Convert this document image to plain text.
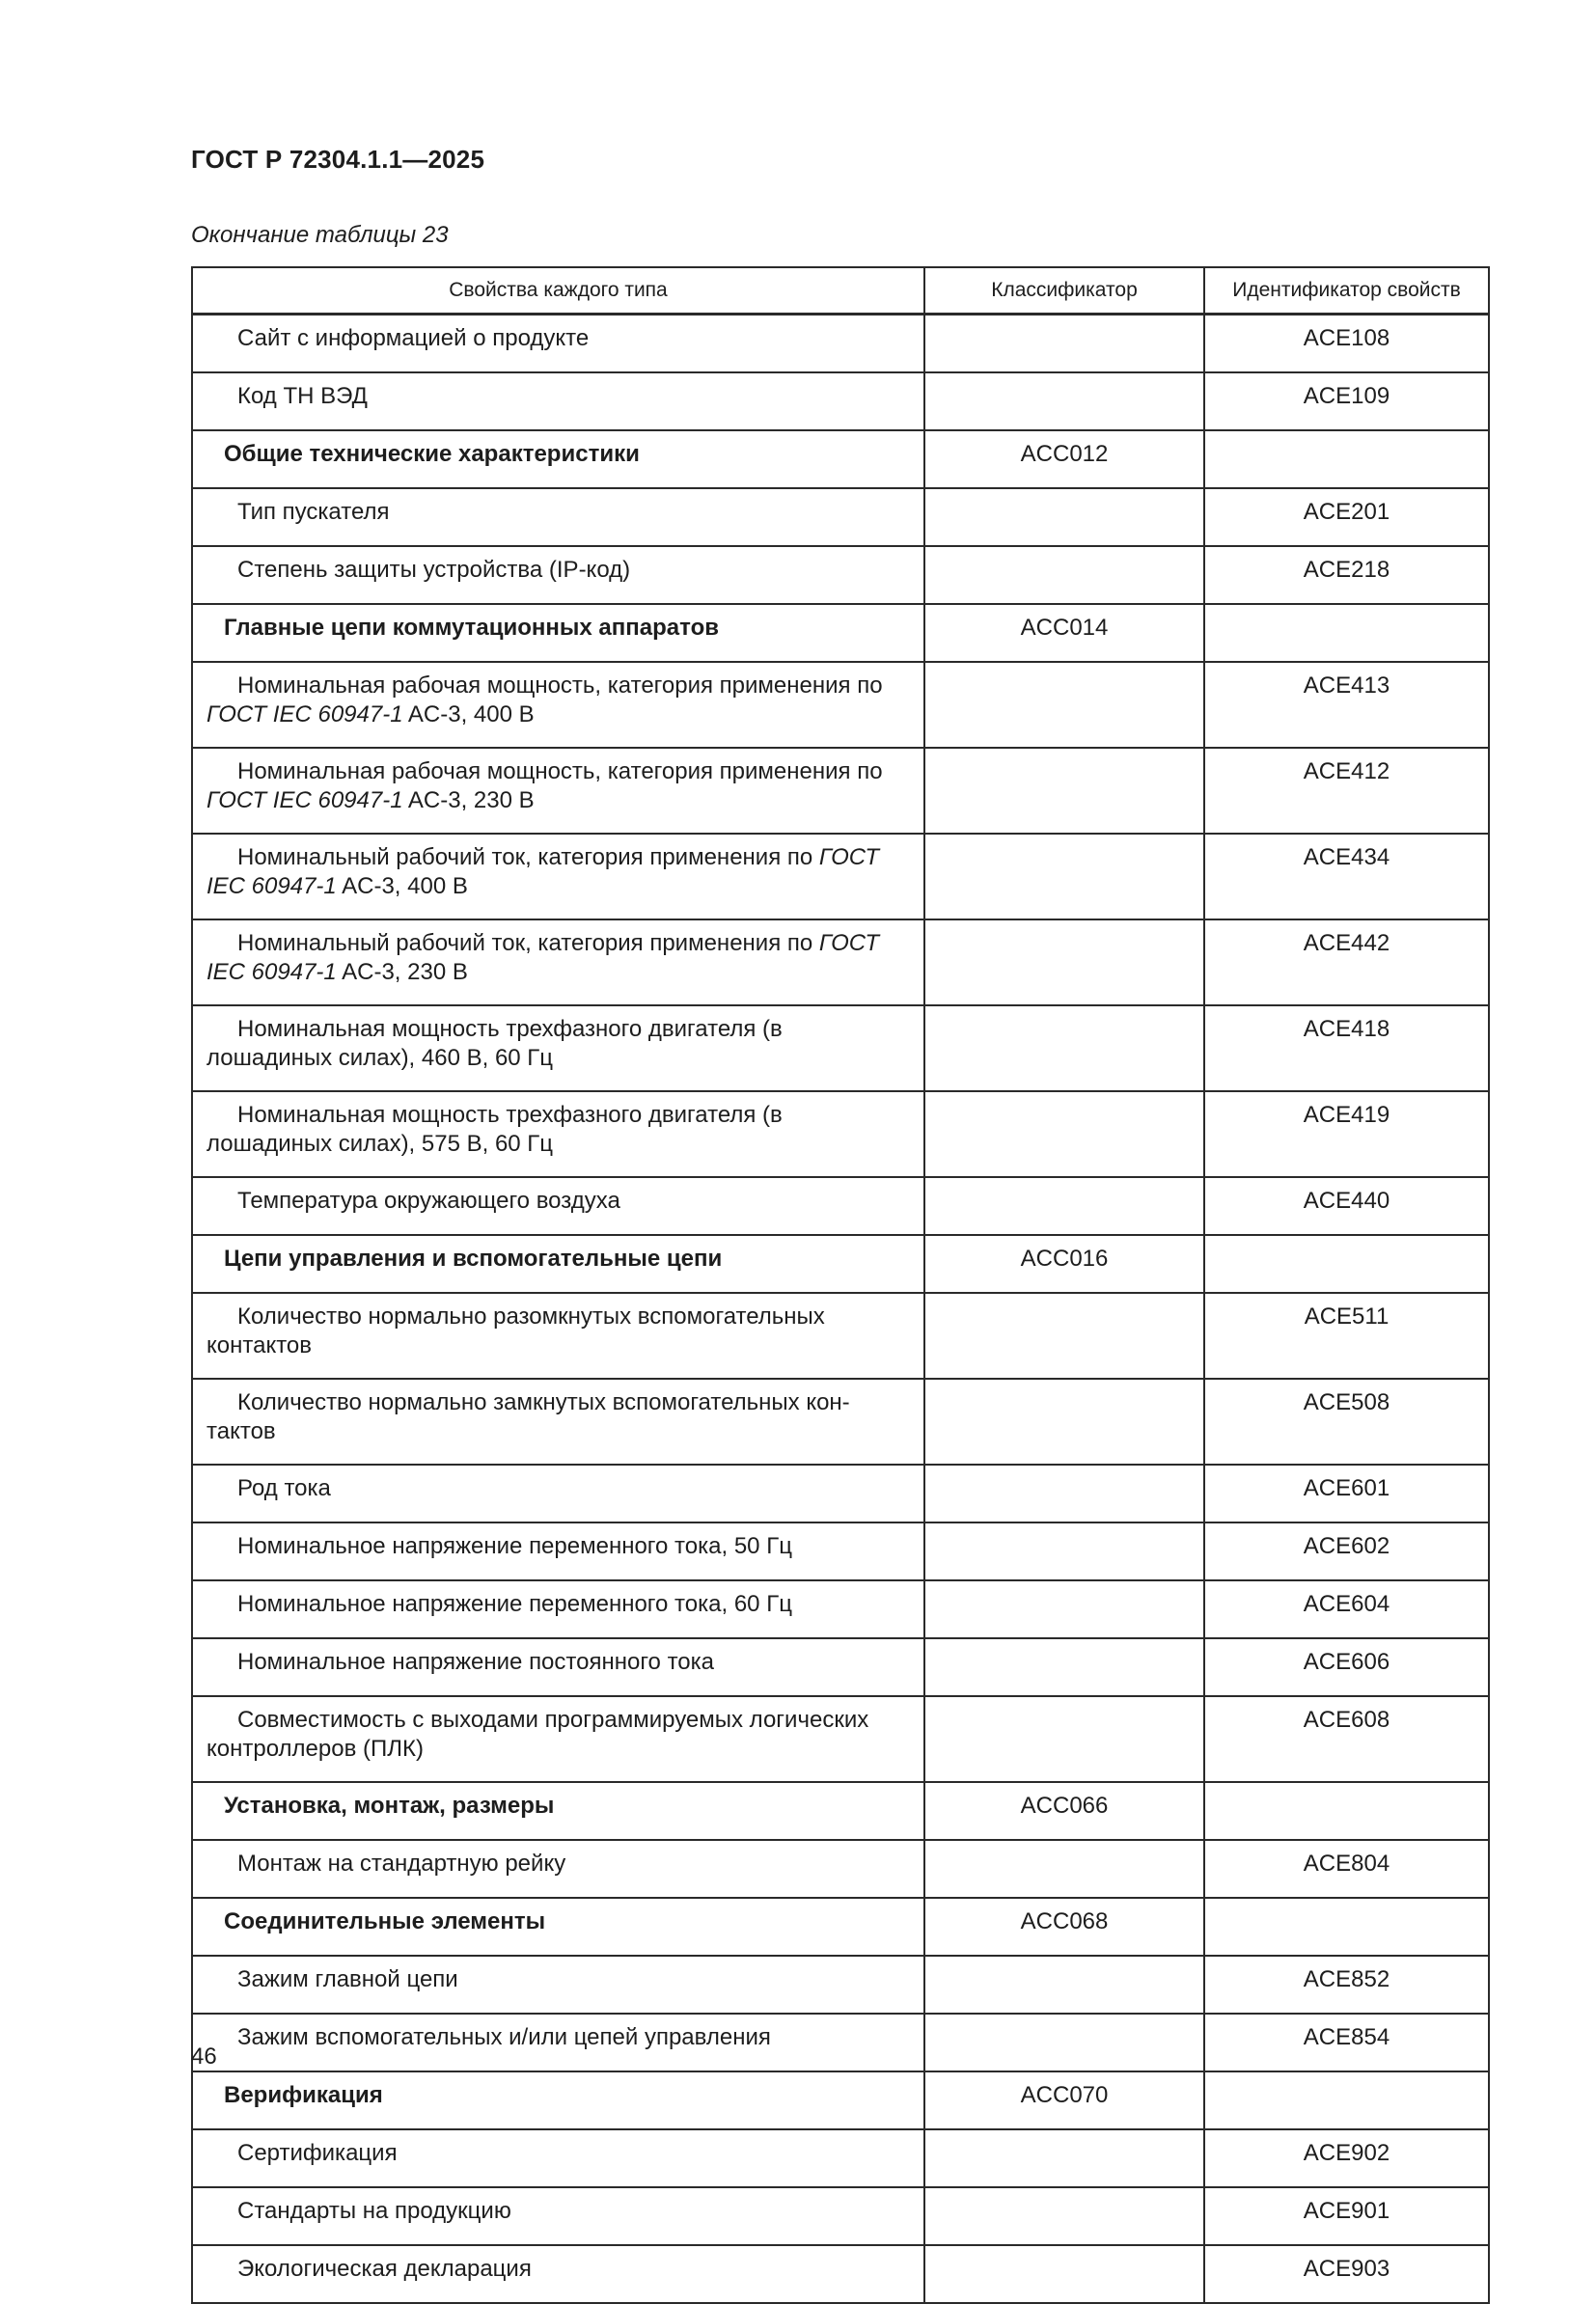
ГОСТ Р 72304.1.1—2025
Окончание таблицы 23
Свойства каждого типа	Классификатор	Идентификатор свойств
Сайт с информацией о продукте		ACE108
Код ТН ВЭД		ACE109
Общие технические характеристики	ACC012	
Тип пускателя		ACE201
Степень защиты устройства (IP-код)		ACE218
Главные цепи коммутационных аппаратов	ACC014	
Номинальная рабочая мощность, категория применения по ГОСТ IEC 60947-1 AC-3, 400 В		ACE413
Номинальная рабочая мощность, категория применения по ГОСТ IEC 60947-1 AC-3, 230 В		ACE412
Номинальный рабочий ток, категория применения по ГОСТ IEC 60947-1 AC-3, 400 В		ACE434
Номинальный рабочий ток, категория применения по ГОСТ IEC 60947-1 AC-3, 230 В		ACE442
Номинальная мощность трехфазного двигателя (в лошадиных силах), 460 В, 60 Гц		ACE418
Номинальная мощность трехфазного двигателя (в лошадиных силах), 575 В, 60 Гц		ACE419
Температура окружающего воздуха		ACE440
Цепи управления и вспомогательные цепи	ACC016	
Количество нормально разомкнутых вспомогательных контактов		ACE511
Количество нормально замкнутых вспомогательных кон-тактов		ACE508
Род тока		ACE601
Номинальное напряжение переменного тока, 50 Гц		ACE602
Номинальное напряжение переменного тока, 60 Гц		ACE604
Номинальное напряжение постоянного тока		ACE606
Совместимость с выходами программируемых логических контроллеров (ПЛК)		ACE608
Установка, монтаж, размеры	ACC066	
Монтаж на стандартную рейку		ACE804
Соединительные элементы	ACC068	
Зажим главной цепи		ACE852
Зажим вспомогательных и/или цепей управления		ACE854
Верификация	ACC070	
Сертификация		ACE902
Стандарты на продукцию		ACE901
Экологическая декларация		ACE903
46
